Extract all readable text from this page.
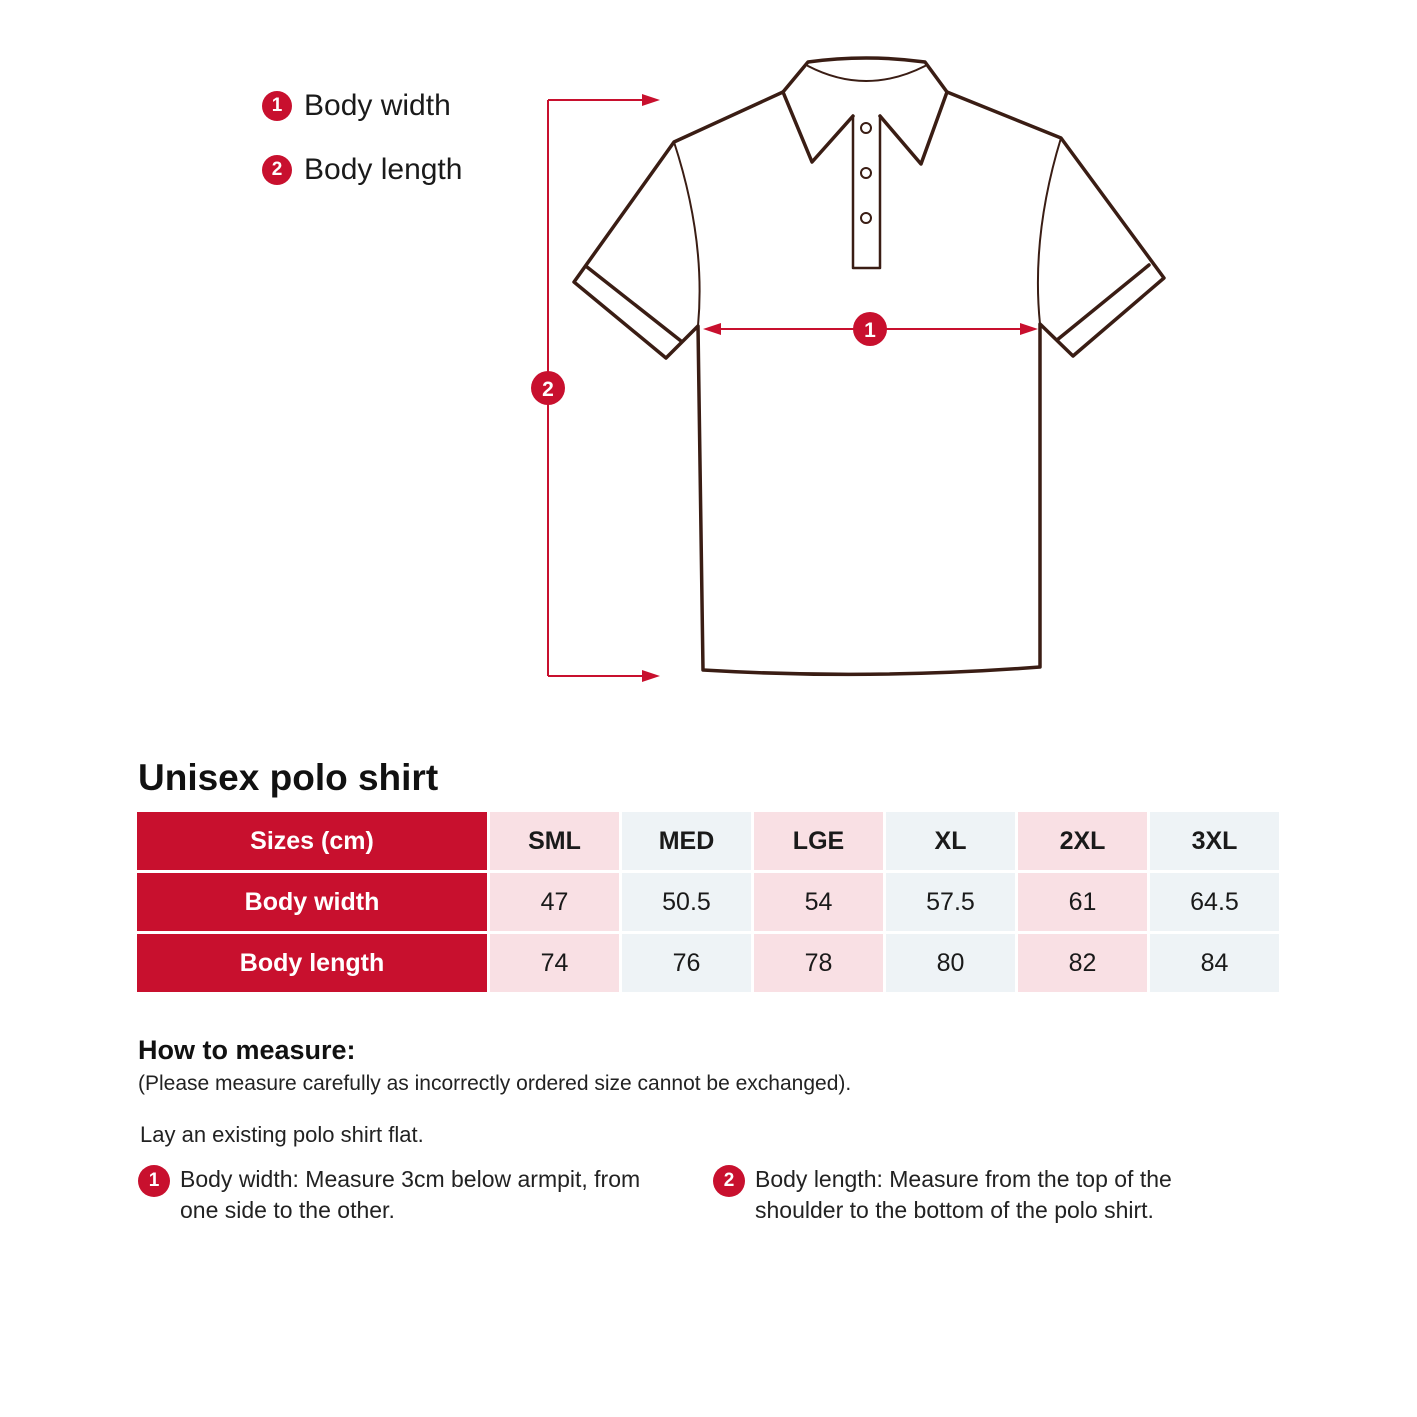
1 Body width
2 Body length
2
1
Unisex polo shirt
Sizes (cm)	SML	MED	LGE	XL	2XL	3XL
Body width	47	50.5	54	57.5	61	64.5
Body length	74	76	78	80	82	84
How to measure:
(Please measure carefully as incorrectly ordered size cannot be exchanged).
Lay an existing polo shirt flat.
1 Body width: Measure 3cm below armpit, from one side to the other.
2 Body length: Measure from the top of the shoulder to the bottom of the polo shirt.
